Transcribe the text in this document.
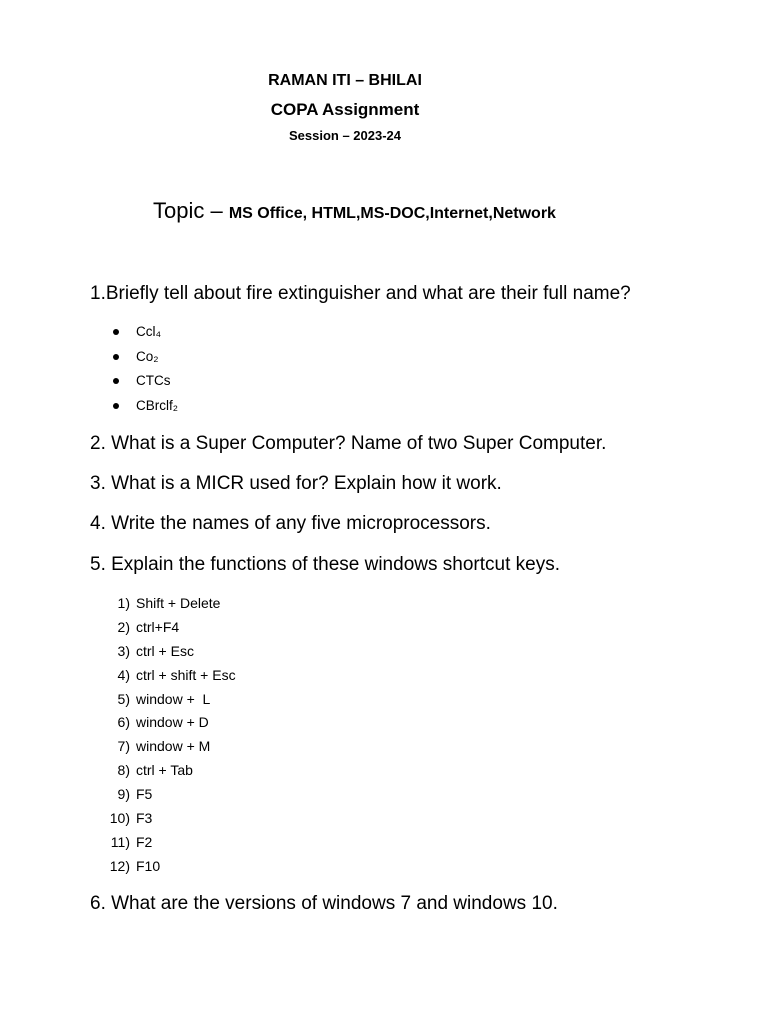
RAMAN ITI – BHILAI
COPA Assignment
Session – 2023-24
Topic – MS Office, HTML,MS-DOC,Internet,Network
1.Briefly tell about fire extinguisher and what are their full name?
Ccl₄
Co₂
CTCs
CBrclf₂
2. What is a Super Computer? Name of two Super Computer.
3. What is a MICR used for? Explain how it work.
4. Write the names of any five microprocessors.
5. Explain the functions of these windows shortcut keys.
1) Shift + Delete
2) ctrl+F4
3) ctrl + Esc
4) ctrl + shift + Esc
5) window +  L
6) window + D
7) window + M
8) ctrl + Tab
9) F5
10) F3
11) F2
12) F10
6. What are the versions of windows 7 and windows 10.
